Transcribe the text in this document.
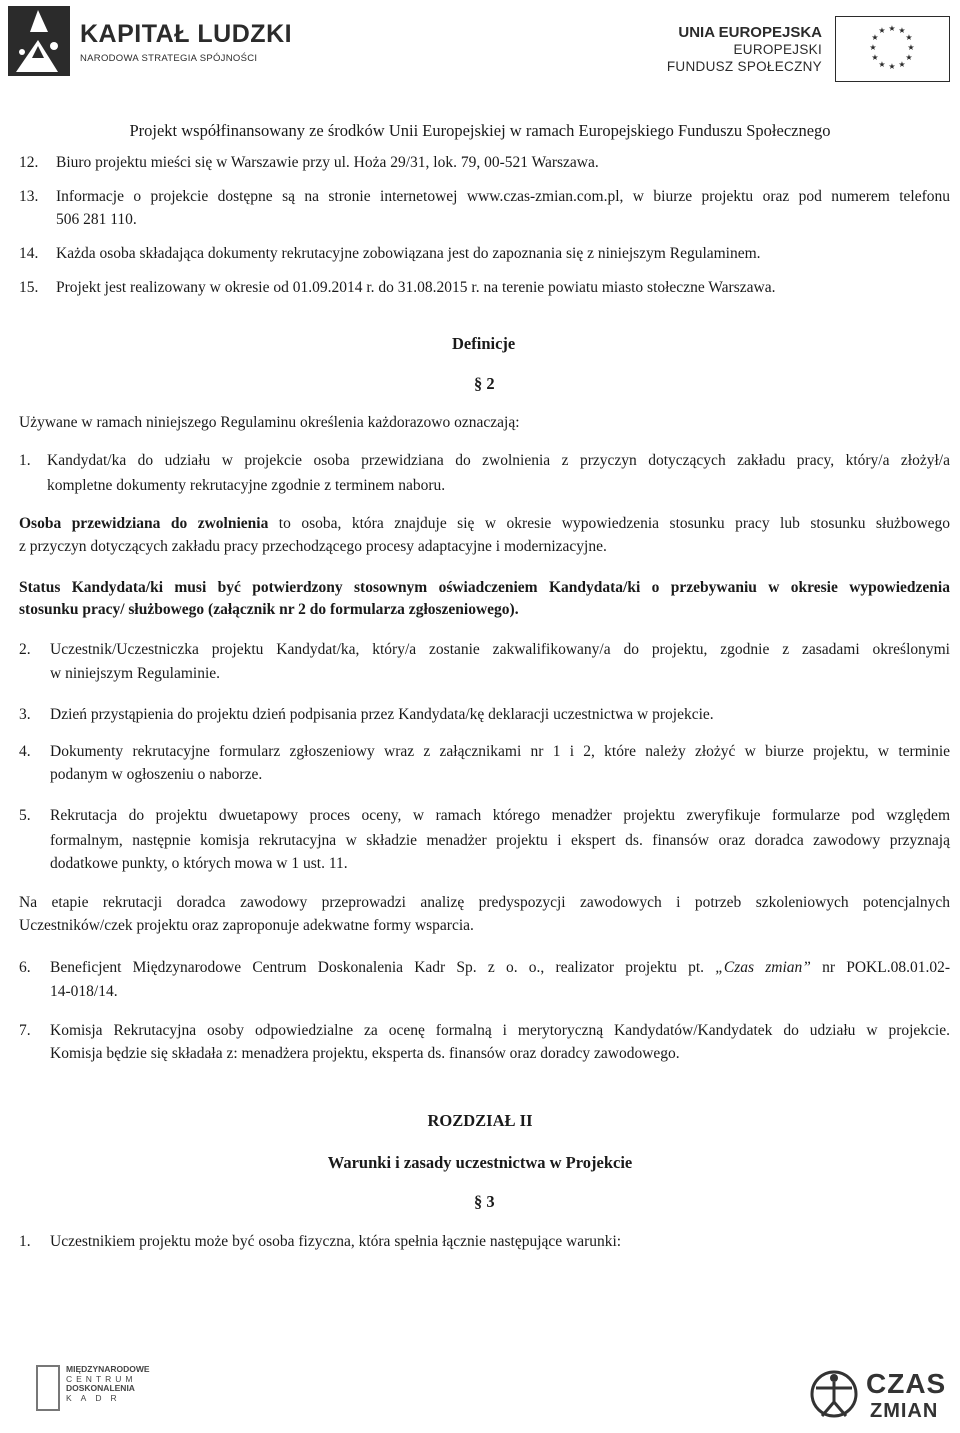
KAPITAŁ LUDZKI
NARODOWA STRATEGIA SPÓJNOŚCI
UNIA EUROPEJSKA
EUROPEJSKI
FUNDUSZ SPOŁECZNY
★ ★
★
★
★
★
★
★
★
★
★
★
Projekt współfinansowany ze środków Unii Europejskiej w ramach Europejskiego Funduszu Społecznego
12. Biuro projektu mieści się w Warszawie przy ul. Hoża 29/31, lok. 79, 00-521 Warszawa.
13. Informacje o projekcie dostępne są na stronie internetowej www.czas-zmian.com.pl, w biurze projektu oraz pod numerem telefonu
506 281 110.
14. Każda osoba składająca dokumenty rekrutacyjne zobowiązana jest do zapoznania się z niniejszym Regulaminem.
15. Projekt jest realizowany w okresie od 01.09.2014 r. do 31.08.2015 r. na terenie powiatu miasto stołeczne Warszawa.
Definicje
§ 2
Używane w ramach niniejszego Regulaminu określenia każdorazowo oznaczają:
1. Kandydat/ka do udziału w projekcie osoba przewidziana do zwolnienia z przyczyn dotyczących zakładu pracy, który/a złożył/a
kompletne dokumenty rekrutacyjne zgodnie z terminem naboru.
Osoba przewidziana do zwolnienia to osoba, która znajduje się w okresie wypowiedzenia stosunku pracy lub stosunku służbowego
z przyczyn dotyczących zakładu pracy przechodzącego procesy adaptacyjne i modernizacyjne.
Status Kandydata/ki musi być potwierdzony stosownym oświadczeniem Kandydata/ki o przebywaniu w okresie wypowiedzenia
stosunku pracy/ służbowego (załącznik nr 2 do formularza zgłoszeniowego).
2. Uczestnik/Uczestniczka projektu Kandydat/ka, który/a zostanie zakwalifikowany/a do projektu, zgodnie z zasadami określonymi
w niniejszym Regulaminie.
3. Dzień przystąpienia do projektu dzień podpisania przez Kandydata/kę deklaracji uczestnictwa w projekcie.
4. Dokumenty rekrutacyjne formularz zgłoszeniowy wraz z załącznikami nr 1 i 2, które należy złożyć w biurze projektu, w terminie
podanym w ogłoszeniu o naborze.
5. Rekrutacja do projektu dwuetapowy proces oceny, w ramach którego menadżer projektu zweryfikuje formularze pod względem
formalnym, następnie komisja rekrutacyjna w składzie menadżer projektu i ekspert ds. finansów oraz doradca zawodowy przyznają
dodatkowe punkty, o których mowa w 1 ust. 11.
Na etapie rekrutacji doradca zawodowy przeprowadzi analizę predyspozycji zawodowych i potrzeb szkoleniowych potencjalnych
Uczestników/czek projektu oraz zaproponuje adekwatne formy wsparcia.
6. Beneficjent Międzynarodowe Centrum Doskonalenia Kadr Sp. z o. o., realizator projektu pt. „Czas zmian” nr POKL.08.01.02-
14-018/14.
7. Komisja Rekrutacyjna osoby odpowiedzialne za ocenę formalną i merytoryczną Kandydatów/Kandydatek do udziału w projekcie.
Komisja będzie się składała z: menadżera projektu, eksperta ds. finansów oraz doradcy zawodowego.
ROZDZIAŁ II
Warunki i zasady uczestnictwa w Projekcie
§ 3
1. Uczestnikiem projektu może być osoba fizyczna, która spełnia łącznie następujące warunki:
MIĘDZYNARODOWE
CENTRUM
DOSKONALENIA
KADR	CZAS
ZMIAN
